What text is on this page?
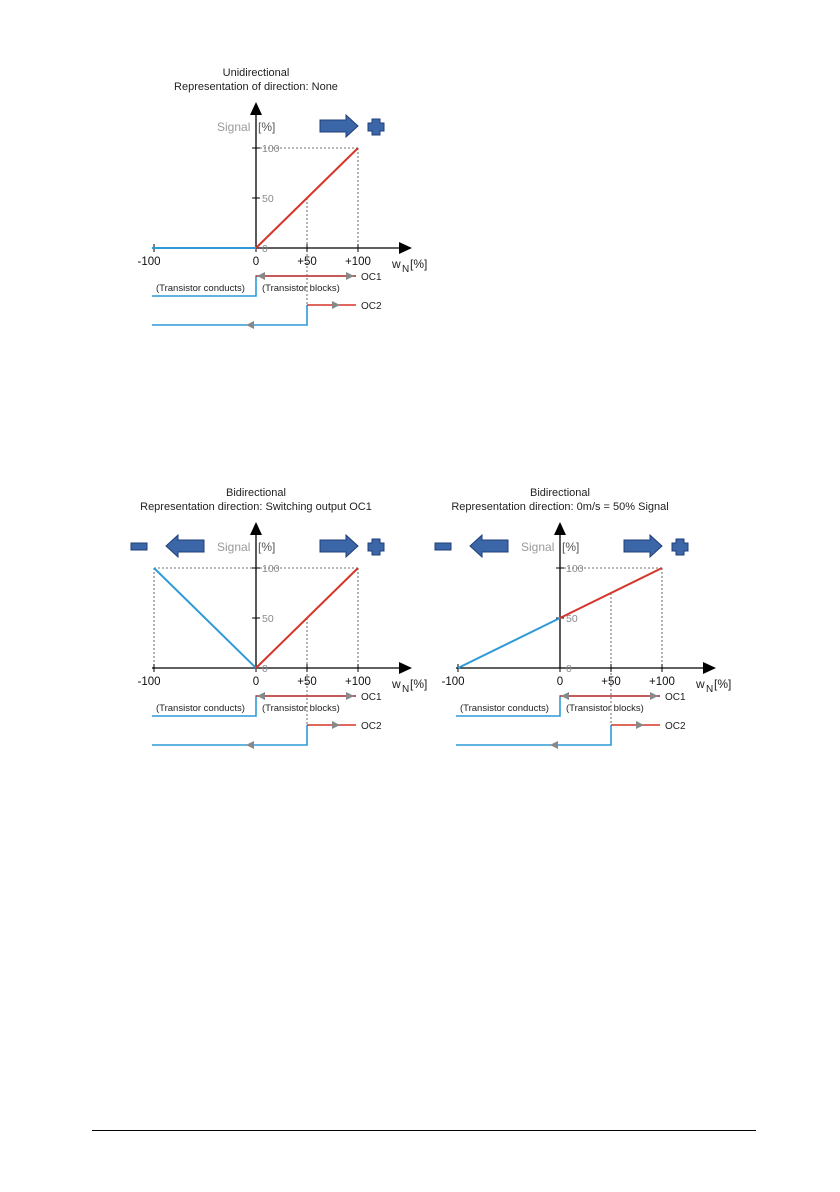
Unidirectional
Representation of direction: None
Signal [%]
0
50
100
-100	0	+50 +100 w N [%]
OC1
(Transistor conducts) (Transistor blocks)
OC2
Bidirectional
Representation direction: Switching output OC1
Signal [%]
0
50
100
-100	0	+50 +100 w N [%]
OC1
(Transistor conducts) (Transistor blocks)
OC2
Bidirectional
Representation direction: 0m/s = 50% Signal
Signal [%]
0
50
100
-100	0	+50 +100 w N [%]
OC1
(Transistor conducts) (Transistor blocks)
OC2
